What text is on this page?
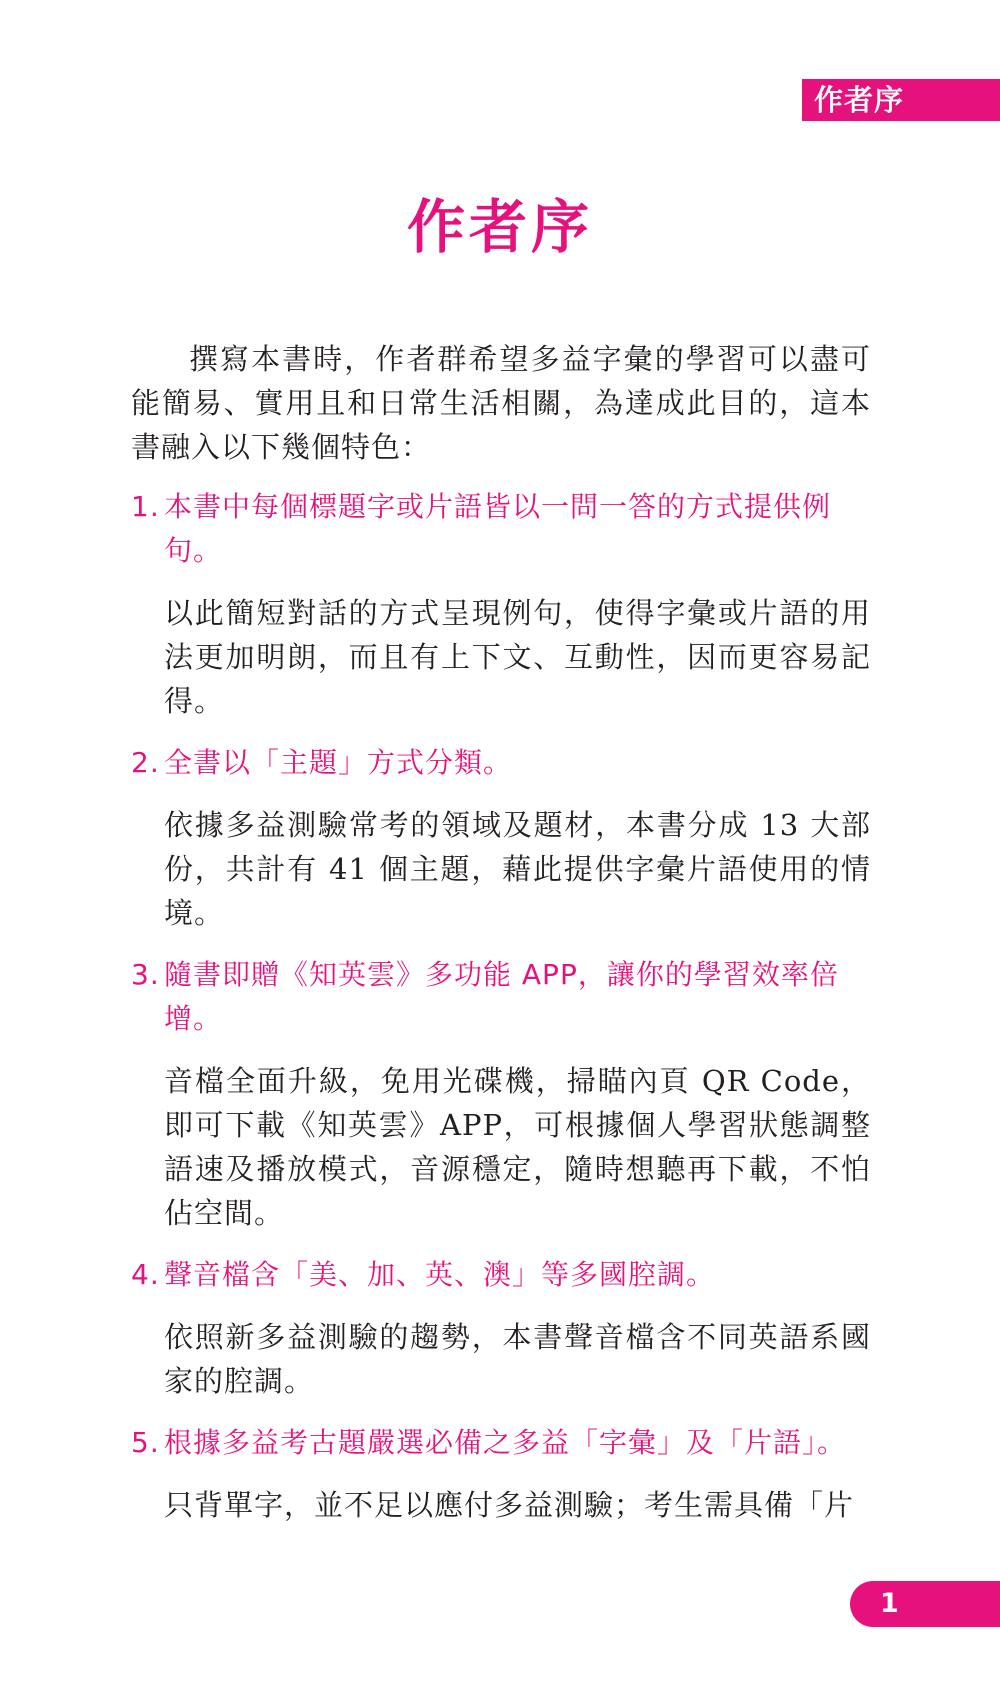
作者序
作者序

撰寫本書時，作者群希望多益字彙的學習可以盡可能簡易、實用且和日常生活相關，為達成此目的，這本書融入以下幾個特色：

1. 本書中每個標題字或片語皆以一問一答的方式提供例句。

以此簡短對話的方式呈現例句，使得字彙或片語的用法更加明朗，而且有上下文、互動性，因而更容易記得。

2. 全書以「主題」方式分類。

依據多益測驗常考的領域及題材，本書分成 13 大部份，共計有 41 個主題，藉此提供字彙片語使用的情境。

3. 隨書即贈《知英雲》多功能 APP，讓你的學習效率倍增。

音檔全面升級，免用光碟機，掃瞄內頁 QR Code，即可下載《知英雲》APP，可根據個人學習狀態調整語速及播放模式，音源穩定，隨時想聽再下載，不怕佔空間。

4. 聲音檔含「美、加、英、澳」等多國腔調。

依照新多益測驗的趨勢，本書聲音檔含不同英語系國家的腔調。

5. 根據多益考古題嚴選必備之多益「字彙」及「片語」。

只背單字，並不足以應付多益測驗；考生需具備「片

1
